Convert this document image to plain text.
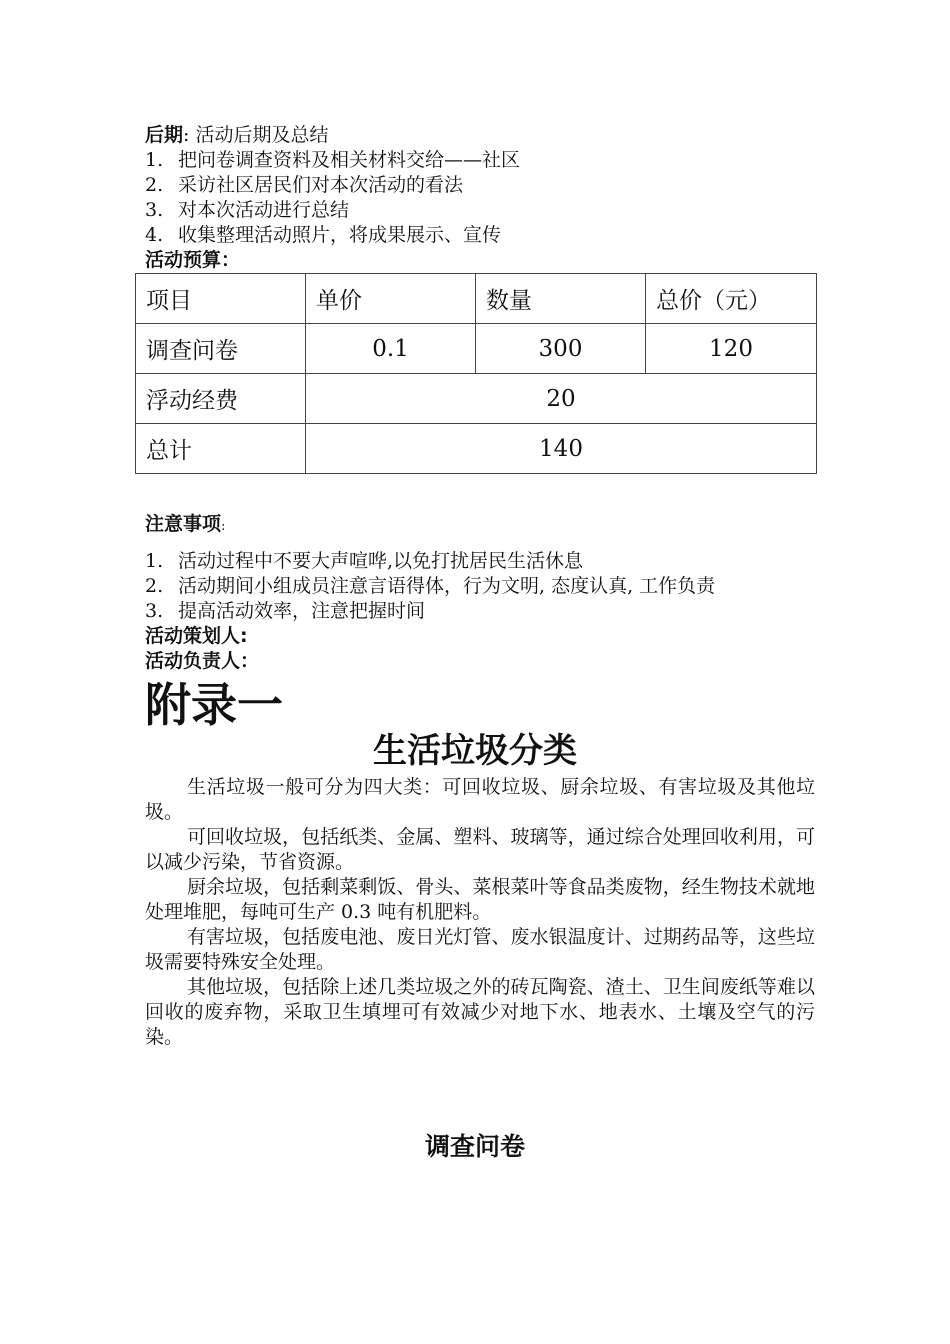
后期: 活动后期及总结
1. 把问卷调查资料及相关材料交给——社区
2. 采访社区居民们对本次活动的看法
3. 对本次活动进行总结
4. 收集整理活动照片，将成果展示、宣传
活动预算：
项目	单价	数量	总价（元）
调查问卷	0.1	300	120
浮动经费	20		
总计	140		
注意事项:
1. 活动过程中不要大声喧哗,以免打扰居民生活休息
2. 活动期间小组成员注意言语得体，行为文明, 态度认真, 工作负责
3. 提高活动效率，注意把握时间
活动策划人:
活动负责人：
附录一
生活垃圾分类

生活垃圾一般可分为四大类：可回收垃圾、厨余垃圾、有害垃圾及其他垃圾。

可回收垃圾，包括纸类、金属、塑料、玻璃等，通过综合处理回收利用，可以减少污染，节省资源。

厨余垃圾，包括剩菜剩饭、骨头、菜根菜叶等食品类废物，经生物技术就地处理堆肥，每吨可生产 0.3 吨有机肥料。

有害垃圾，包括废电池、废日光灯管、废水银温度计、过期药品等，这些垃圾需要特殊安全处理。

其他垃圾，包括除上述几类垃圾之外的砖瓦陶瓷、渣土、卫生间废纸等难以回收的废弃物，采取卫生填埋可有效减少对地下水、地表水、土壤及空气的污染。

调查问卷
